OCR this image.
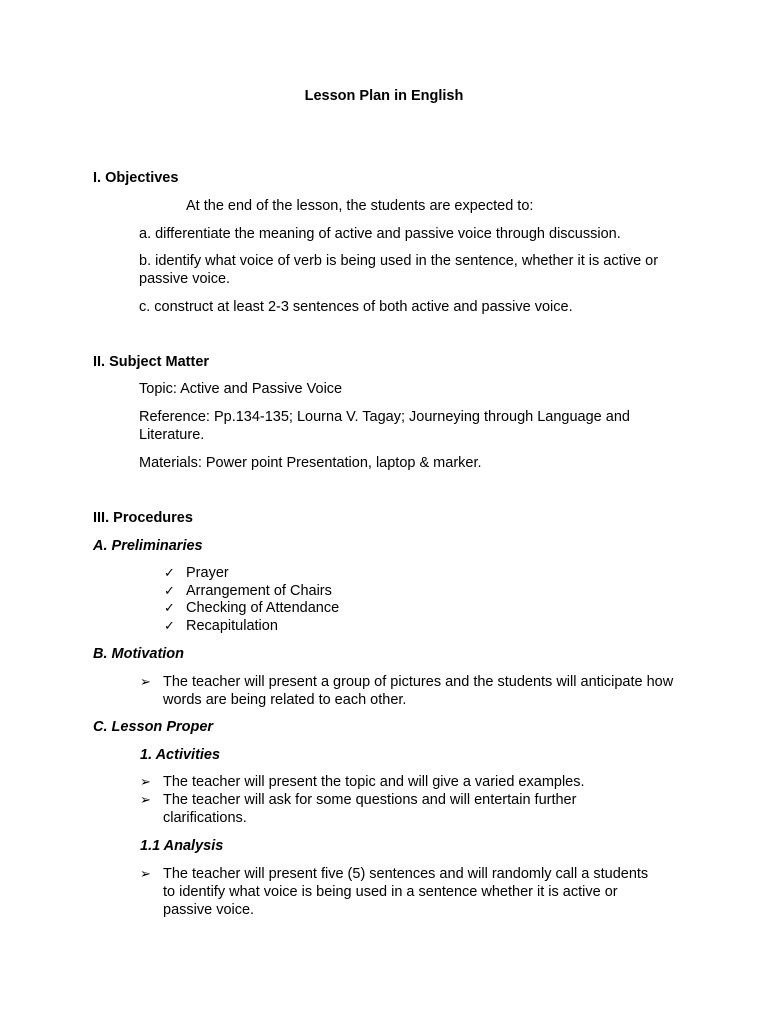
Lesson Plan in English
I. Objectives
At the end of the lesson, the students are expected to:
a. differentiate the meaning of active and passive voice through discussion.
b. identify what voice of verb is being used in the sentence, whether it is active or passive voice.
c. construct at least 2-3 sentences of both active and passive voice.
II. Subject Matter
Topic: Active and Passive Voice
Reference: Pp.134-135; Lourna V. Tagay; Journeying through Language and Literature.
Materials: Power point Presentation, laptop & marker.
III. Procedures
A. Preliminaries
✓ Prayer
✓ Arrangement of Chairs
✓ Checking of Attendance
✓ Recapitulation
B. Motivation
➢ The teacher will present a group of pictures and the students will anticipate how words are being related to each other.
C. Lesson Proper
1. Activities
➢ The teacher will present the topic and will give a varied examples.
➢ The teacher will ask for some questions and will entertain further clarifications.
1.1 Analysis
➢ The teacher will present five (5) sentences and will randomly call a students to identify what voice is being used in a sentence whether it is active or passive voice.
